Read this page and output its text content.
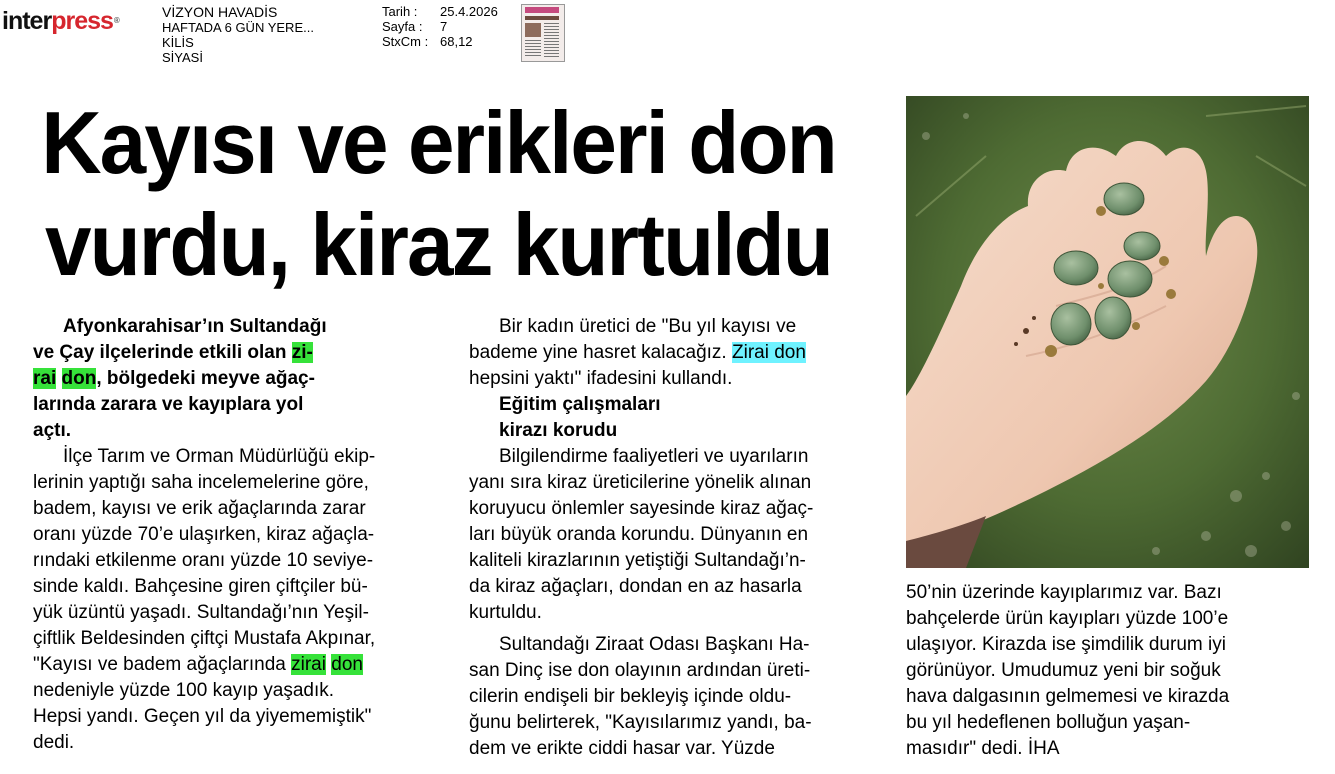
interpress®
VİZYON HAVADİS
HAFTADA 6 GÜN YERE...
KİLİS
SİYASİ
Tarih :	25.4.2026
Sayfa :	7
StxCm : 68,12
Kayısı ve erikleri don
vurdu, kiraz kurtuldu
Afyonkarahisar’ın Sultandağı
ve Çay ilçelerinde etkili olan zi-
rai don, bölgedeki meyve ağaç-
larında zarara ve kayıplara yol
açtı.
İlçe Tarım ve Orman Müdürlüğü ekip-
lerinin yaptığı saha incelemelerine göre,
badem, kayısı ve erik ağaçlarında zarar
oranı yüzde 70’e ulaşırken, kiraz ağaçla-
rındaki etkilenme oranı yüzde 10 seviye-
sinde kaldı. Bahçesine giren çiftçiler bü-
yük üzüntü yaşadı. Sultandağı’nın Yeşil-
çiftlik Beldesinden çiftçi Mustafa Akpınar,
"Kayısı ve badem ağaçlarında zirai don
nedeniyle yüzde 100 kayıp yaşadık.
Hepsi yandı. Geçen yıl da yiyememiştik"
dedi.
Bir kadın üretici de "Bu yıl kayısı ve
bademe yine hasret kalacağız. Zirai don
hepsini yaktı" ifadesini kullandı.
Eğitim çalışmaları
kirazı korudu
Bilgilendirme faaliyetleri ve uyarıların
yanı sıra kiraz üreticilerine yönelik alınan
koruyucu önlemler sayesinde kiraz ağaç-
ları büyük oranda korundu. Dünyanın en
kaliteli kirazlarının yetiştiği Sultandağı’n-
da kiraz ağaçları, dondan en az hasarla
kurtuldu.
Sultandağı Ziraat Odası Başkanı Ha-
san Dinç ise don olayının ardından üreti-
cilerin endişeli bir bekleyiş içinde oldu-
ğunu belirterek, "Kayısılarımız yandı, ba-
dem ve erikte ciddi hasar var. Yüzde
50’nin üzerinde kayıplarımız var. Bazı
bahçelerde ürün kayıpları yüzde 100’e
ulaşıyor. Kirazda ise şimdilik durum iyi
görünüyor. Umudumuz yeni bir soğuk
hava dalgasının gelmemesi ve kirazda
bu yıl hedeflenen bolluğun yaşan-
masıdır" dedi. İHA
